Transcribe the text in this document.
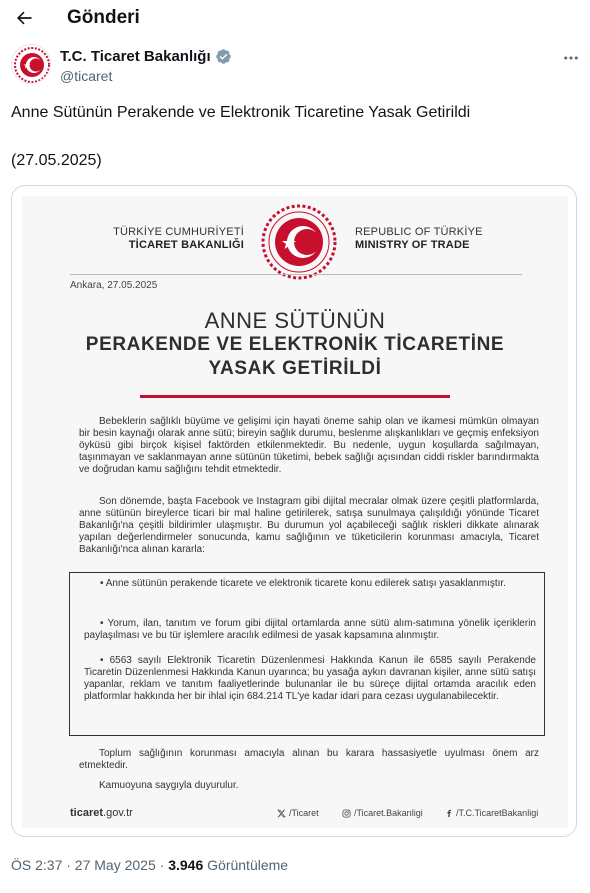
Gönderi
T.C. Ticaret Bakanlığı
@ticaret
Anne Sütünün Perakende ve Elektronik Ticaretine Yasak Getirildi
(27.05.2025)
TÜRKİYE CUMHURİYETİ
TİCARET BAKANLIĞI
REPUBLIC OF TÜRKİYE
MINISTRY OF TRADE
Ankara, 27.05.2025
ANNE SÜTÜNÜN
PERAKENDE VE ELEKTRONİK TİCARETİNE
YASAK GETİRİLDİ
Bebeklerin sağlıklı büyüme ve gelişimi için hayati öneme sahip olan ve ikamesi mümkün olmayan bir besin kaynağı olarak anne sütü; bireyin sağlık durumu, beslenme alışkanlıkları ve geçmiş enfeksiyon öyküsü gibi birçok kişisel faktörden etkilenmektedir. Bu nedenle, uygun koşullarda sağılmayan, taşınmayan ve saklanmayan anne sütünün tüketimi, bebek sağlığı açısından ciddi riskler barındırmakta ve doğrudan kamu sağlığını tehdit etmektedir.
Son dönemde, başta Facebook ve Instagram gibi dijital mecralar olmak üzere çeşitli platformlarda, anne sütünün bireylerce ticari bir mal haline getirilerek, satışa sunulmaya çalışıldığı yönünde Ticaret Bakanlığı'na çeşitli bildirimler ulaşmıştır. Bu durumun yol açabileceği sağlık riskleri dikkate alınarak yapılan değerlendirmeler sonucunda, kamu sağlığının ve tüketicilerin korunması amacıyla, Ticaret Bakanlığı'nca alınan kararla:
• Anne sütünün perakende ticarete ve elektronik ticarete konu edilerek satışı yasaklanmıştır.
• Yorum, ilan, tanıtım ve forum gibi dijital ortamlarda anne sütü alım-satımına yönelik içeriklerin paylaşılması ve bu tür işlemlere aracılık edilmesi de yasak kapsamına alınmıştır.
• 6563 sayılı Elektronik Ticaretin Düzenlenmesi Hakkında Kanun ile 6585 sayılı Perakende Ticaretin Düzenlenmesi Hakkında Kanun uyarınca; bu yasağa aykırı davranan kişiler, anne sütü satışı yapanlar, reklam ve tanıtım faaliyetlerinde bulunanlar ile bu süreçe dijital ortamda aracılık eden platformlar hakkında her bir ihlal için 684.214 TL'ye kadar idari para cezası uygulanabilecektir.
Toplum sağlığının korunması amacıyla alınan bu karara hassasiyetle uyulması önem arz etmektedir.
Kamuoyuna saygıyla duyurulur.
ticaret.gov.tr	/Ticaret	/Ticaret.Bakanligi	/T.C.TicaretBakanligi
ÖS 2:37 · 27 May 2025 · 3.946 Görüntüleme
